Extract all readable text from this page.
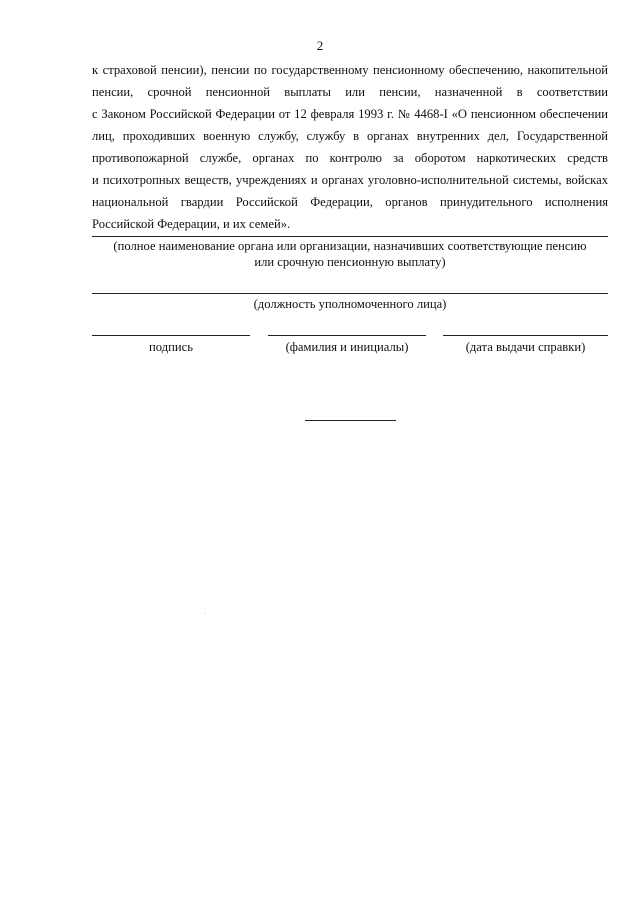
2
к страховой пенсии), пенсии по государственному пенсионному обеспечению, накопительной
пенсии, срочной пенсионной выплаты или пенсии, назначенной в соответствии
с Законом Российской Федерации от 12 февраля 1993 г. № 4468-I «О пенсионном обеспечении
лиц, проходивших военную службу, службу в органах внутренних дел, Государственной
противопожарной службе, органах по контролю за оборотом наркотических средств
и психотропных веществ, учреждениях и органах уголовно-исполнительной системы, войсках
национальной гвардии Российской Федерации, органов принудительного исполнения
Российской Федерации, и их семей».
(полное наименование органа или организации, назначивших соответствующие пенсию
или срочную пенсионную выплату)
(должность уполномоченного лица)
подпись	(фамилия и инициалы)	(дата выдачи справки)
·
